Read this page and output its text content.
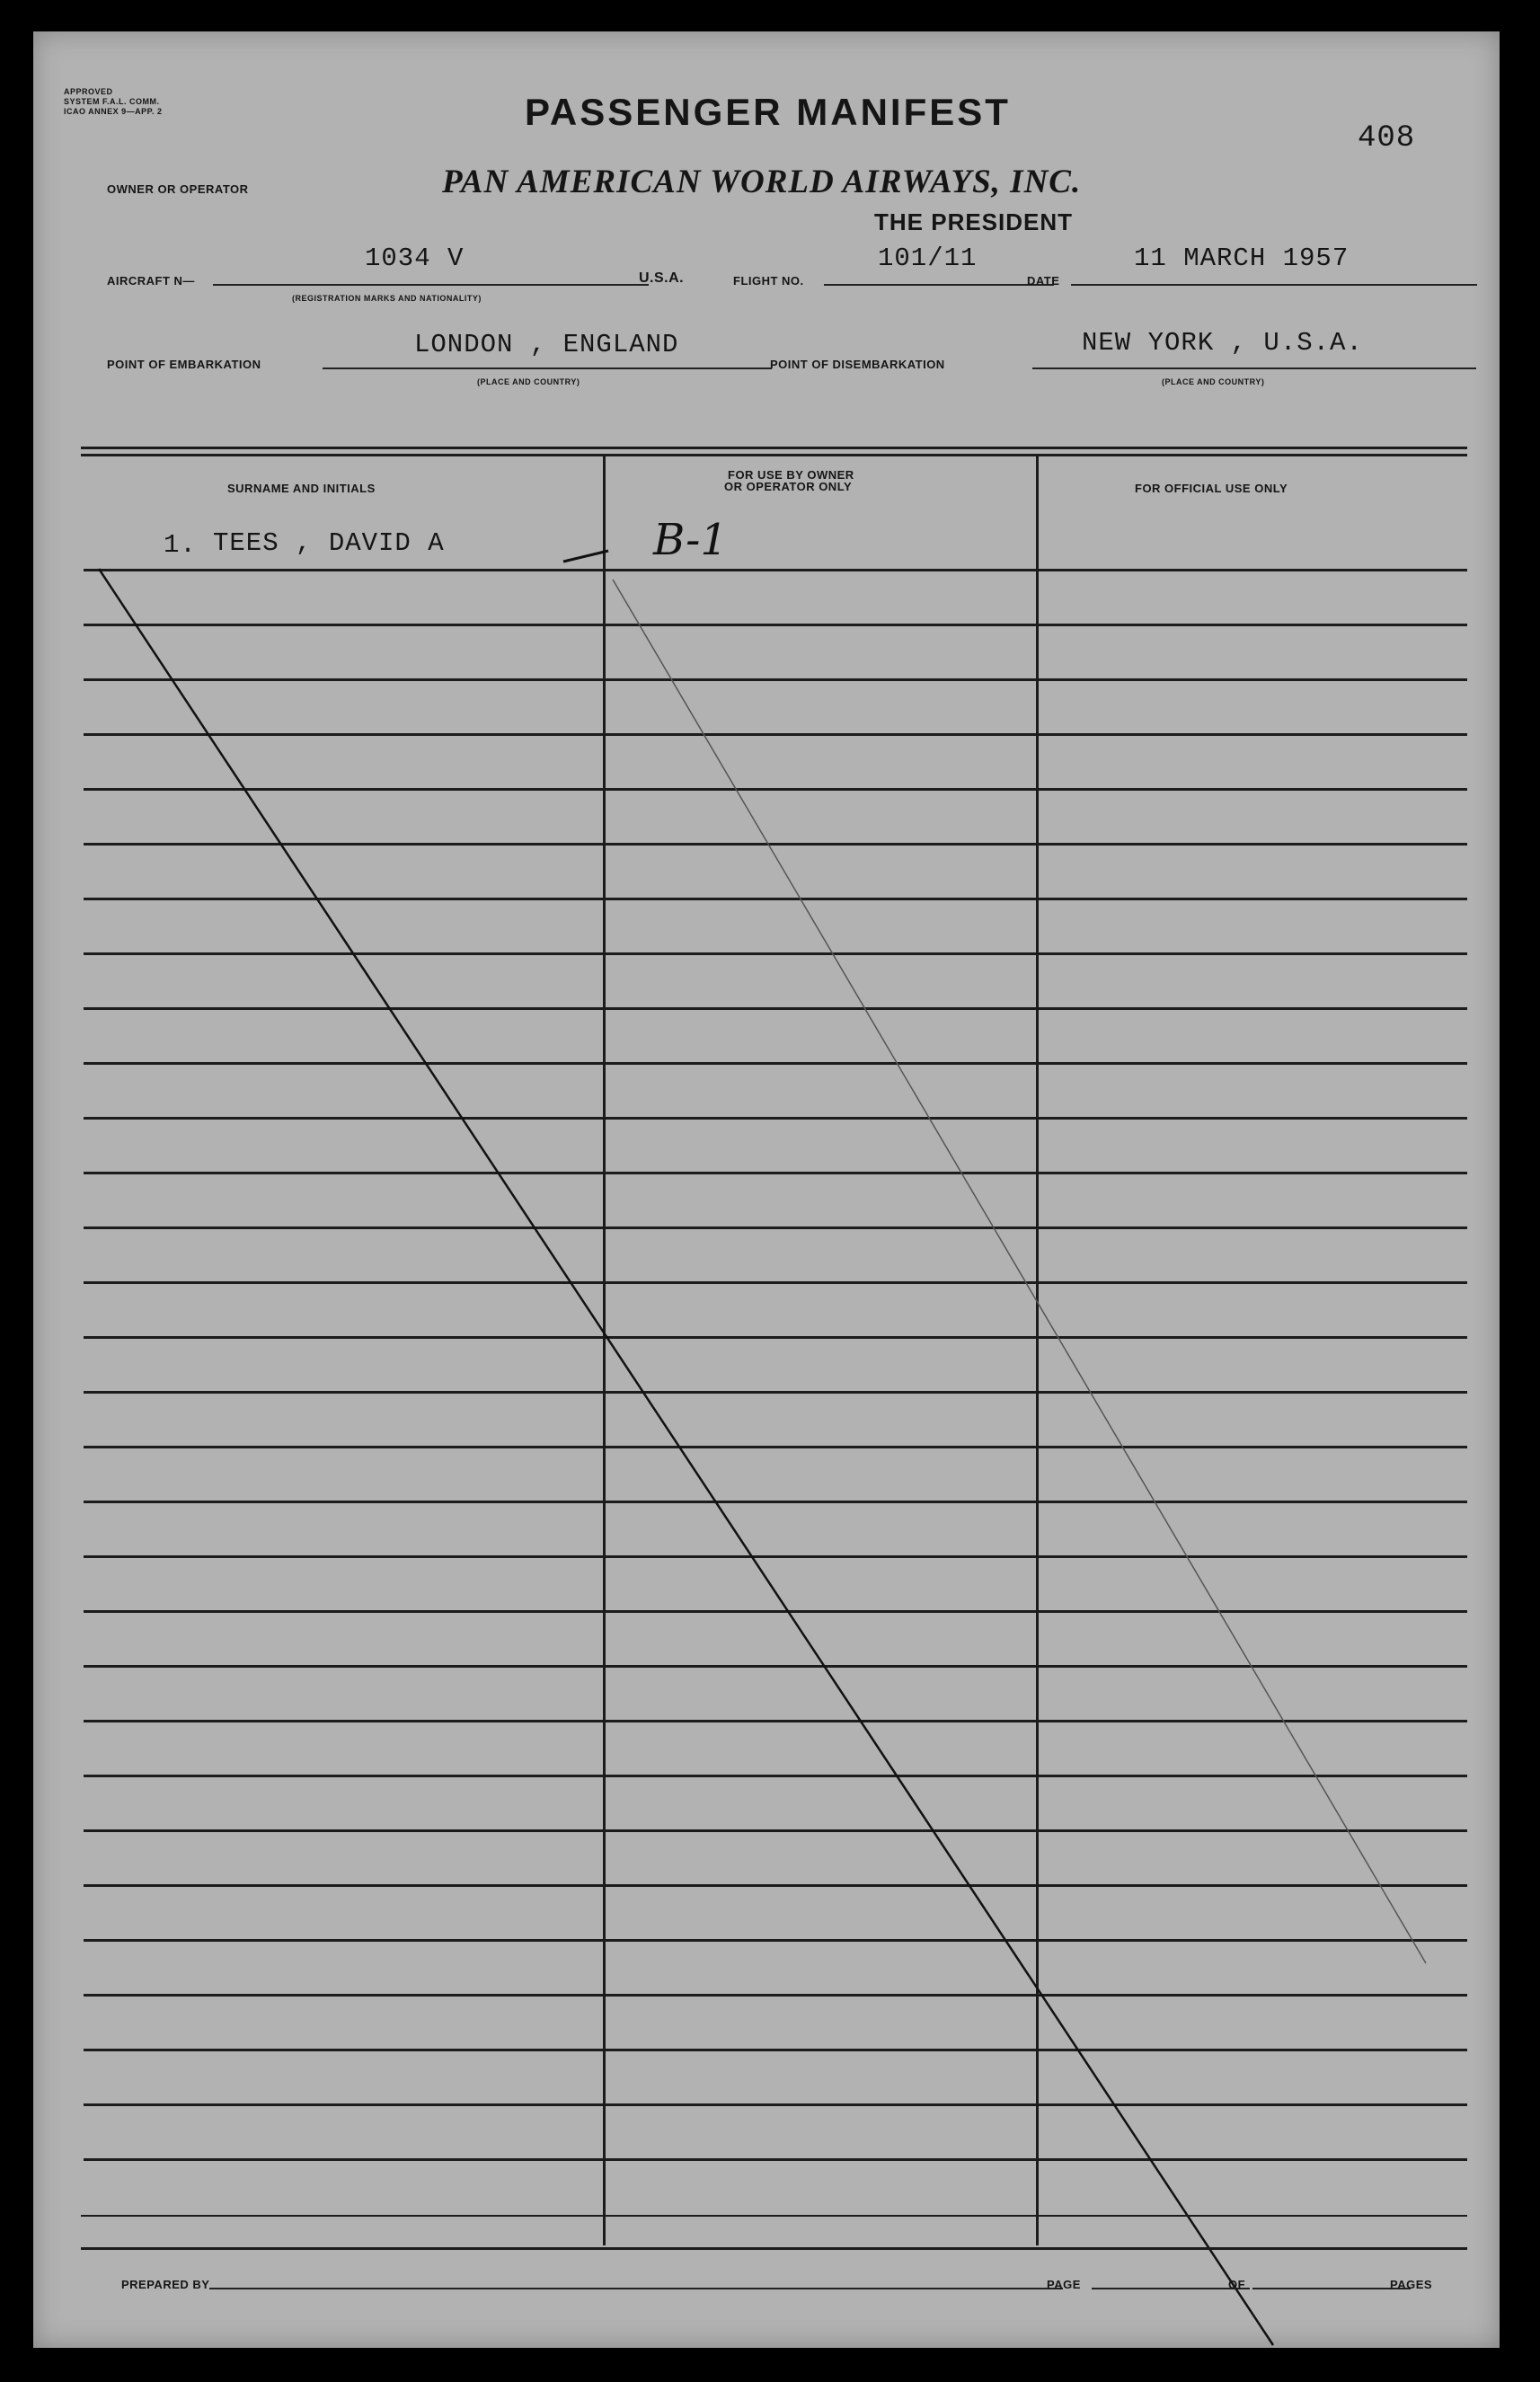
APPROVED
SYSTEM F.A.L. COMM.
ICAO ANNEX 9—APP. 2	PASSENGER MANIFEST
408
OWNER OR OPERATOR	PAN AMERICAN WORLD AIRWAYS, INC.
THE PRESIDENT
AIRCRAFT N—
1034 V
(REGISTRATION MARKS AND NATIONALITY)
U.S.A.	FLIGHT NO.
101/11
DATE
11 MARCH 1957
POINT OF EMBARKATION
LONDON , ENGLAND
(PLACE AND COUNTRY)
POINT OF DISEMBARKATION
NEW YORK , U.S.A.
(PLACE AND COUNTRY)
SURNAME AND INITIALS
FOR USE BY OWNER
OR OPERATOR ONLY	FOR OFFICIAL USE ONLY
1. TEES , DAVID A	B-1
PREPARED BY	PAGE	OF	PAGES
